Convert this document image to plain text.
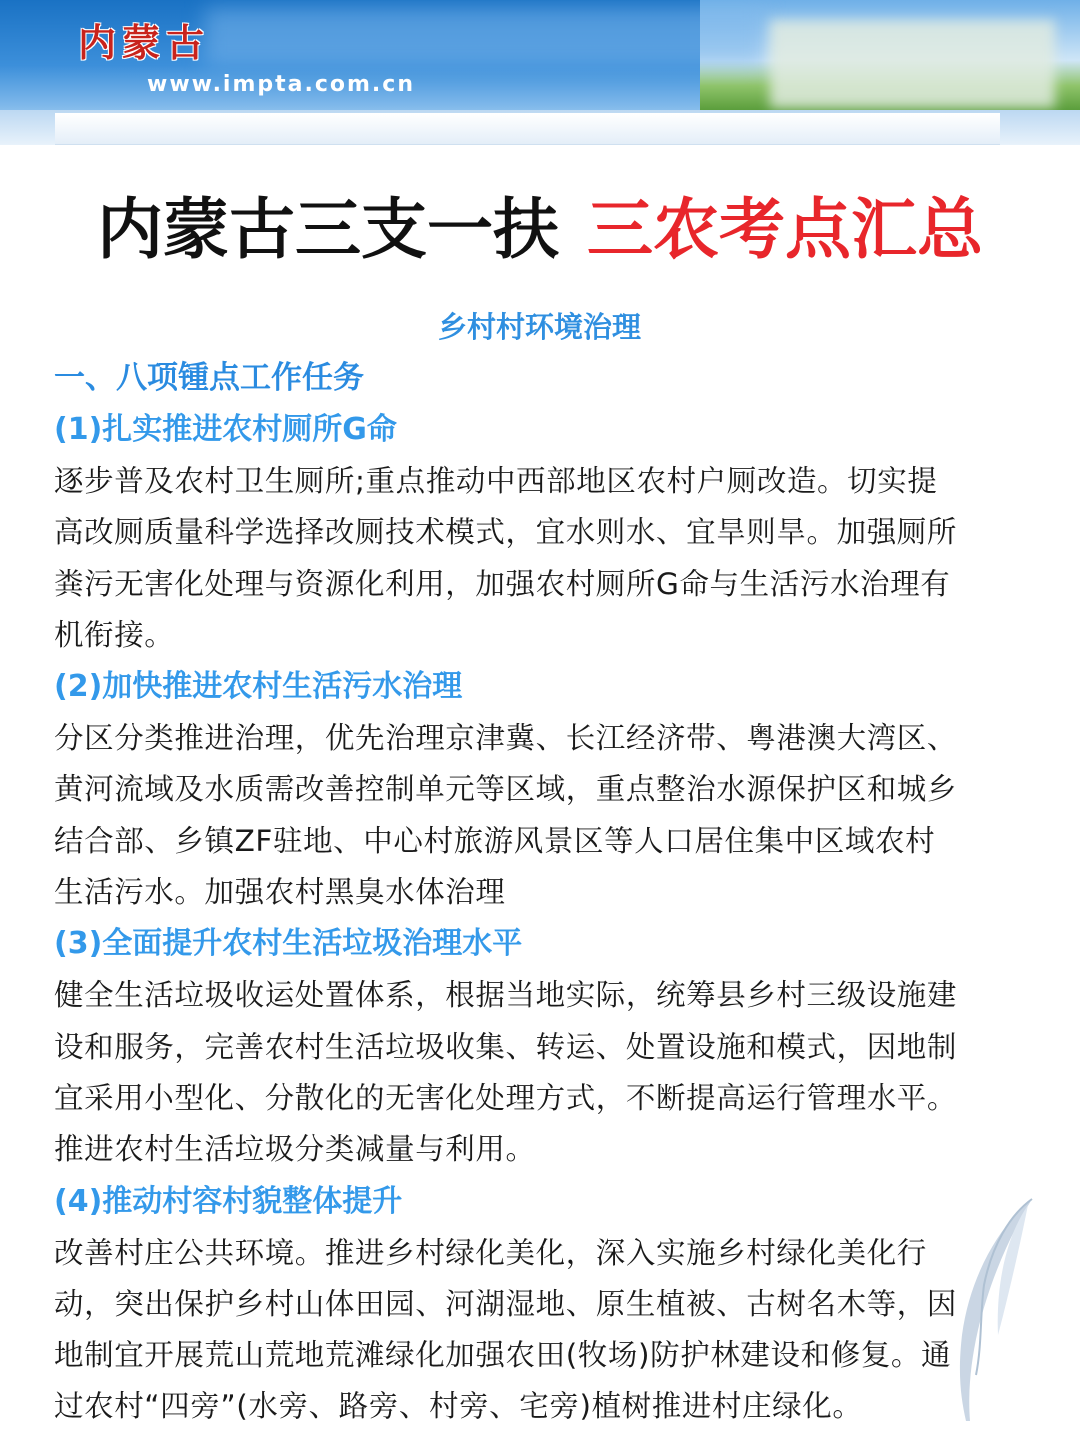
内蒙古
www.impta.com.cn
内蒙古三支一扶 三农考点汇总
乡村村环境治理
一、八项锺点工作任务
(1)扎实推进农村厕所G命
逐步普及农村卫生厕所;重点推动中西部地区农村户厕改造。切实提
高改厕质量科学选择改厕技术模式，宜水则水、宜旱则旱。加强厕所
粪污无害化处理与资源化利用，加强农村厕所G命与生活污水治理有
机衔接。
(2)加快推进农村生活污水治理
分区分类推进治理，优先治理京津冀、长江经济带、粤港澳大湾区、
黄河流域及水质需改善控制单元等区域，重点整治水源保护区和城乡
结合部、乡镇ZF驻地、中心村旅游风景区等人口居住集中区域农村
生活污水。加强农村黑臭水体治理
(3)全面提升农村生活垃圾治理水平
健全生活垃圾收运处置体系，根据当地实际，统筹县乡村三级设施建
设和服务，完善农村生活垃圾收集、转运、处置设施和模式，因地制
宜采用小型化、分散化的无害化处理方式，不断提高运行管理水平。
推进农村生活垃圾分类减量与利用。
(4)推动村容村貌整体提升
改善村庄公共环境。推进乡村绿化美化，深入实施乡村绿化美化行
动，突出保护乡村山体田园、河湖湿地、原生植被、古树名木等，因
地制宜开展荒山荒地荒滩绿化加强农田(牧场)防护林建设和修复。通
过农村“四旁”(水旁、路旁、村旁、宅旁)植树推进村庄绿化。
